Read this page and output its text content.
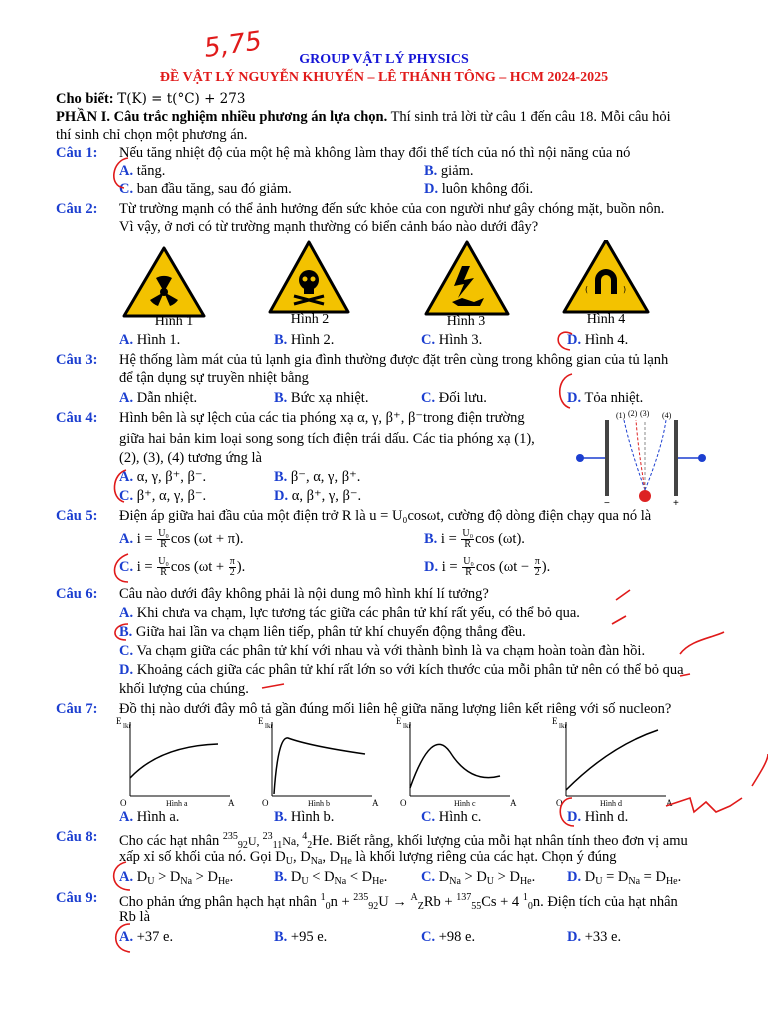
5,75	GROUP VẬT LÝ PHYSICS
ĐỀ VẬT LÝ NGUYỄN KHUYẾN – LÊ THÁNH TÔNG – HCM 2024-2025
Cho biết: T(K) = t(°C) + 273
PHẦN I. Câu trắc nghiệm nhiều phương án lựa chọn. Thí sinh trả lời từ câu 1 đến câu 18. Mỗi câu hỏi
thí sinh chỉ chọn một phương án.
Câu 1: Nếu tăng nhiệt độ của một hệ mà không làm thay đổi thể tích của nó thì nội năng của nó
A. tăng.	B. giảm.
C. ban đầu tăng, sau đó giảm.	D. luôn không đổi.
Câu 2: Từ trường mạnh có thể ảnh hưởng đến sức khỏe của con người như gây chóng mặt, buồn nôn.
Vì vậy, ở nơi có từ trường mạnh thường có biển cảnh báo nào dưới đây?
(	)
Hình 1	Hình 2	Hình 3	Hình 4
A. Hình 1.	B. Hình 2.	C. Hình 3.	D. Hình 4.
Câu 3: Hệ thống làm mát của tủ lạnh gia đình thường được đặt trên cùng trong không gian của tủ lạnh
để tận dụng sự truyền nhiệt bằng
A. Dẫn nhiệt.	B. Bức xạ nhiệt.	C. Đối lưu.	D. Tỏa nhiệt.
Câu 4: Hình bên là sự lệch của các tia phóng xạ α, γ, β⁺, β⁻trong điện trường
giữa hai bản kim loại song song tích điện trái dấu. Các tia phóng xạ (1),
(2), (3), (4) tương ứng là
A. α, γ, β⁺, β⁻.	B. β⁻, α, γ, β⁺.
C. β⁺, α, γ, β⁻.	D. α, β⁺, γ, β⁻.
(1) (2) (3) (4)
−	+
Câu 5: Điện áp giữa hai đầu của một điện trở R là u = U₀cosωt, cường độ dòng điện chạy qua nó là
A. $i = \frac{\text{U₀}}{R}$ cos (ωt + π).	B. $i = \frac{\text{U₀}}{R}$ cos (ωt).
C. $i = \frac{\text{U₀}}{R}$ $\cos (\omega t + \frac{\pi}{2}$ ).	D. $i = \frac{\text{U₀}}{R}$ $\cos (\omega t - \frac{\pi}{2}$ ).
Câu 6: Câu nào dưới đây không phải là nội dung mô hình khí lí tưởng?
A. Khi chưa va chạm, lực tương tác giữa các phân tử khí rất yếu, có thể bỏ qua.
B. Giữa hai lần va chạm liên tiếp, phân tử khí chuyển động thẳng đều.
C. Va chạm giữa các phân tử khí với nhau và với thành bình là va chạm hoàn toàn đàn hồi.
D. Khoảng cách giữa các phân tử khí rất lớn so với kích thước của mỗi phân tử nên có thể bỏ qua
khối lượng của chúng.
Câu 7: Đồ thị nào dưới đây mô tả gần đúng mối liên hệ giữa năng lượng liên kết riêng với số nucleon?
E lkr
O	A
Hình a
E lkr
O	A
Hình b
E lkr
O	A
Hình c
E lkr
O	A
Hình d
A. Hình a.	B. Hình b.	C. Hình c.	D. Hình d.
Câu 8: Cho các hạt nhân $^{235}_{92}$U, $^{23}_{11}$Na, $^4_2$He. Biết rằng, khối lượng của mỗi hạt nhân tính theo đơn vị amu
xấp xỉ số khối của nó. Gọi $D_U$, $D_{Na}$, $D_{He}$ là khối lượng riêng của các hạt. Chọn ý đúng
A. $D_U > D_{Na} > D_{He}$.	B. $D_U < D_{Na} < D_{He}$. C. $D_{Na} > D_U > D_{He}$. D. $D_U = D_{Na} = D_{He}$.
Câu 9: Cho phản ứng phân hạch hạt nhân $^1_0$n + $^{235}_{92}$U → $^A_Z$Rb + $^{137}_{55}$Cs + 4 $^1_0$n. Điện tích của hạt nhân
Rb là
A. +37 e.	B. +95 e.	C. +98 e.	D. +33 e.
